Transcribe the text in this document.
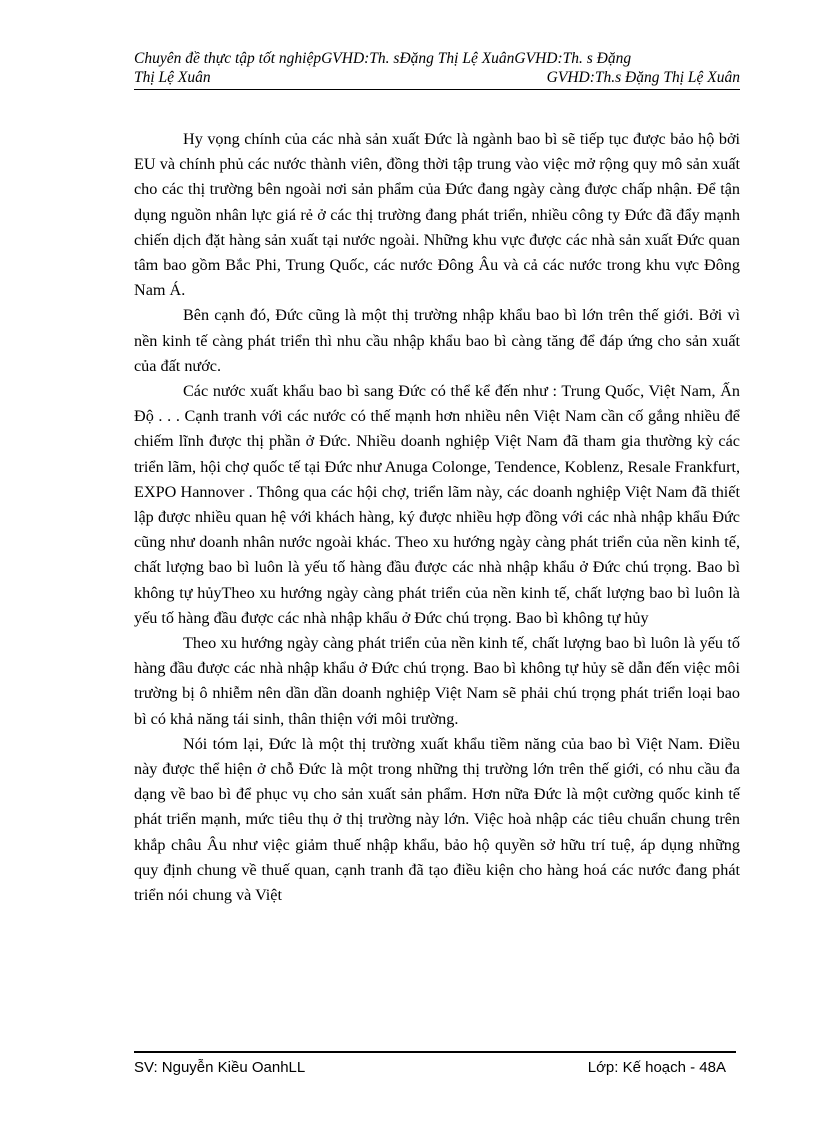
Chuyên đề thực tập tốt nghiệpGVHD:Th. sĐặng Thị Lệ XuânGVHD:Th. s Đặng
Thị Lệ Xuân	GVHD:Th.s Đặng Thị Lệ Xuân

Hy vọng chính của các nhà sản xuất Đức là ngành bao bì sẽ tiếp tục được bảo hộ bởi EU và chính phủ các nước thành viên, đồng thời tập trung vào việc mở rộng quy mô sản xuất cho các thị trường bên ngoài nơi sản phẩm của Đức đang ngày càng được chấp nhận. Để tận dụng nguồn nhân lực giá rẻ ở các thị trường đang phát triển, nhiều công ty Đức đã đẩy mạnh chiến dịch đặt hàng sản xuất tại nước ngoài. Những khu vực được các nhà sản xuất Đức quan tâm bao gồm Bắc Phi, Trung Quốc, các nước Đông Âu và cả các nước trong khu vực Đông Nam Á.

Bên cạnh đó, Đức cũng là một thị trường nhập khẩu bao bì lớn trên thế giới. Bởi vì nền kinh tế càng phát triển thì nhu cầu nhập khẩu bao bì càng tăng để đáp ứng cho sản xuất của đất nước.

Các nước xuất khẩu bao bì sang Đức có thể kể đến như : Trung Quốc, Việt Nam, Ấn Độ . . . Cạnh tranh với các nước có thế mạnh hơn nhiều nên Việt Nam cần cố gắng nhiều để chiếm lĩnh được thị phần ở Đức. Nhiều doanh nghiệp Việt Nam đã tham gia thường kỳ các triển lãm, hội chợ quốc tế tại Đức như Anuga Colonge, Tendence, Koblenz, Resale Frankfurt, EXPO Hannover . Thông qua các hội chợ, triển lãm này, các doanh nghiệp Việt Nam đã thiết lập được nhiều quan hệ với khách hàng, ký được nhiều hợp đồng với các nhà nhập khẩu Đức cũng như doanh nhân nước ngoài khác. Theo xu hướng ngày càng phát triển của nền kinh tế, chất lượng bao bì luôn là yếu tố hàng đầu được các nhà nhập khẩu ở Đức chú trọng. Bao bì không tự hủyTheo xu hướng ngày càng phát triển của nền kinh tế, chất lượng bao bì luôn là yếu tố hàng đầu được các nhà nhập khẩu ở Đức chú trọng. Bao bì không tự hủy

Theo xu hướng ngày càng phát triển của nền kinh tế, chất lượng bao bì luôn là yếu tố hàng đầu được các nhà nhập khẩu ở Đức chú trọng. Bao bì không tự hủy sẽ dẫn đến việc môi trường bị ô nhiễm nên dần dần doanh nghiệp Việt Nam sẽ phải chú trọng phát triển loại bao bì có khả năng tái sinh, thân thiện với môi trường.

Nói tóm lại, Đức là một thị trường xuất khẩu tiềm năng của bao bì Việt Nam. Điều này được thể hiện ở chỗ Đức là một trong những thị trường lớn trên thế giới, có nhu cầu đa dạng về bao bì để phục vụ cho sản xuất sản phẩm. Hơn nữa Đức là một cường quốc kinh tế phát triển mạnh, mức tiêu thụ ở thị trường này lớn. Việc hoà nhập các tiêu chuẩn chung trên khắp châu Âu như việc giảm thuế nhập khẩu, bảo hộ quyền sở hữu trí tuệ, áp dụng những quy định chung về thuế quan, cạnh tranh đã tạo điều kiện cho hàng hoá các nước đang phát triển nói chung và Việt

SV: Nguyễn Kiều OanhLL	Lớp: Kế hoạch - 48A
